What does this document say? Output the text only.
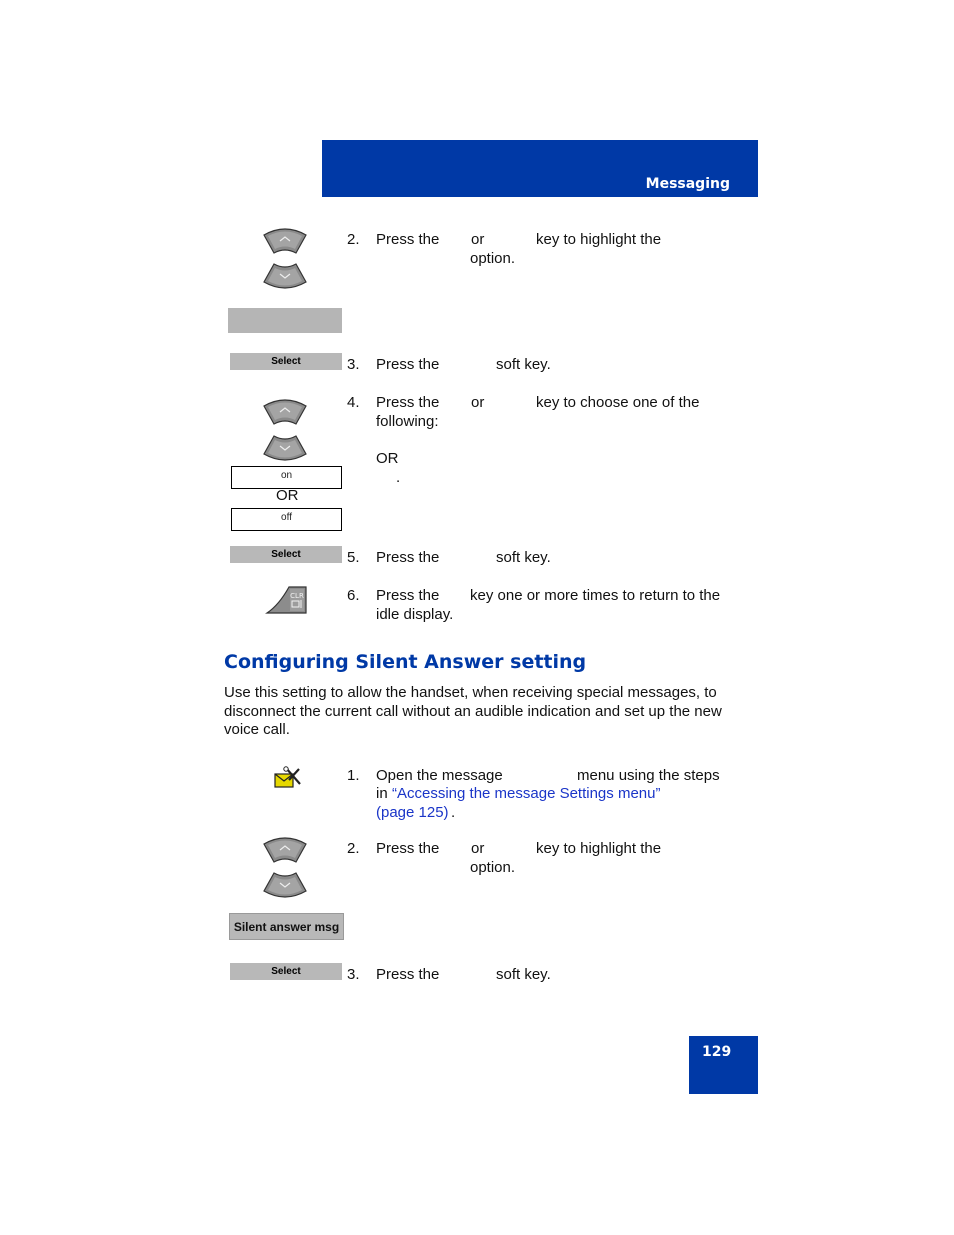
Messaging
2. Press the or	key to highlight the
option.
Select	3. Press the	soft key.
on
OR
off
4. Press the or	key to choose one of the
following:
OR
.
Select	5. Press the	soft key.
CLR	6. Press the key one or more times to return to the
idle display.
Configuring Silent Answer setting
Use this setting to allow the handset, when receiving special messages, to disconnect the current call without an audible indication and set up the new voice call.
1. Open the message	menu using the steps
in “Accessing the message Settings menu”
(page 125) .
Silent answer msg
2. Press the or	key to highlight the
option.
Select	3. Press the	soft key.
129
